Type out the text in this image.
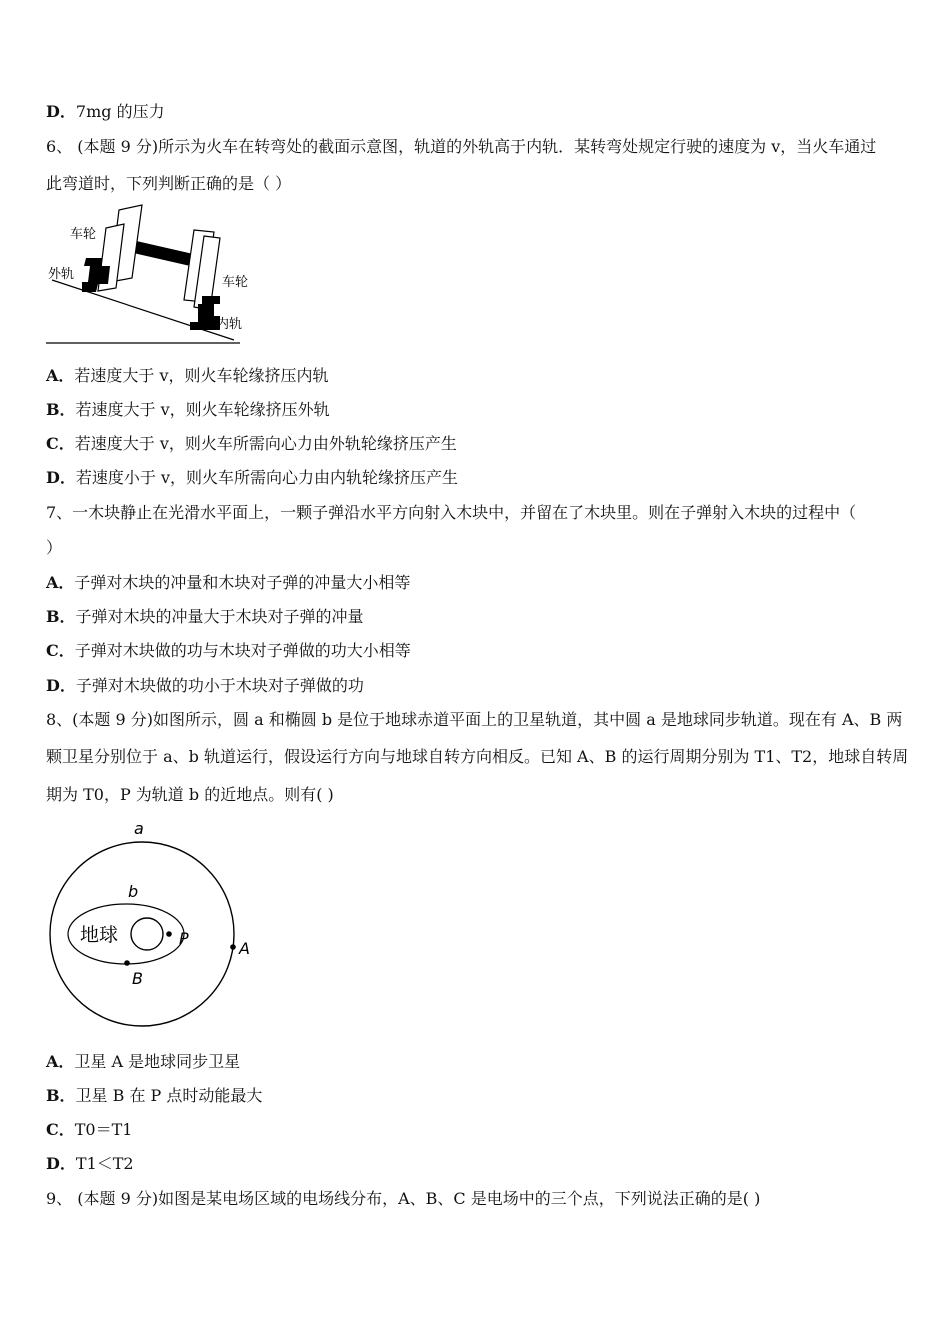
D．7mg 的压力
6、 (本题 9 分)所示为火车在转弯处的截面示意图，轨道的外轨高于内轨．某转弯处规定行驶的速度为 v，当火车通过
此弯道时，下列判断正确的是（ ）
车轮
外轨
车轮
内轨
A．若速度大于 v，则火车轮缘挤压内轨
B．若速度大于 v，则火车轮缘挤压外轨
C．若速度大于 v，则火车所需向心力由外轨轮缘挤压产生
D．若速度小于 v，则火车所需向心力由内轨轮缘挤压产生
7、一木块静止在光滑水平面上，一颗子弹沿水平方向射入木块中，并留在了木块里。则在子弹射入木块的过程中（
）
A．子弹对木块的冲量和木块对子弹的冲量大小相等
B．子弹对木块的冲量大于木块对子弹的冲量
C．子弹对木块做的功与木块对子弹做的功大小相等
D．子弹对木块做的功小于木块对子弹做的功
8、(本题 9 分)如图所示，圆 a 和椭圆 b 是位于地球赤道平面上的卫星轨道，其中圆 a 是地球同步轨道。现在有 A、B 两
颗卫星分别位于 a、b 轨道运行，假设运行方向与地球自转方向相反。已知 A、B 的运行周期分别为 T1、T2，地球自转周
期为 T0，P 为轨道 b 的近地点。则有( )
a
b
地球	P
A
B
A．卫星 A 是地球同步卫星
B．卫星 B 在 P 点时动能最大
C．T0＝T1
D．T1＜T2
9、 (本题 9 分)如图是某电场区域的电场线分布，A、B、C 是电场中的三个点，下列说法正确的是( )
